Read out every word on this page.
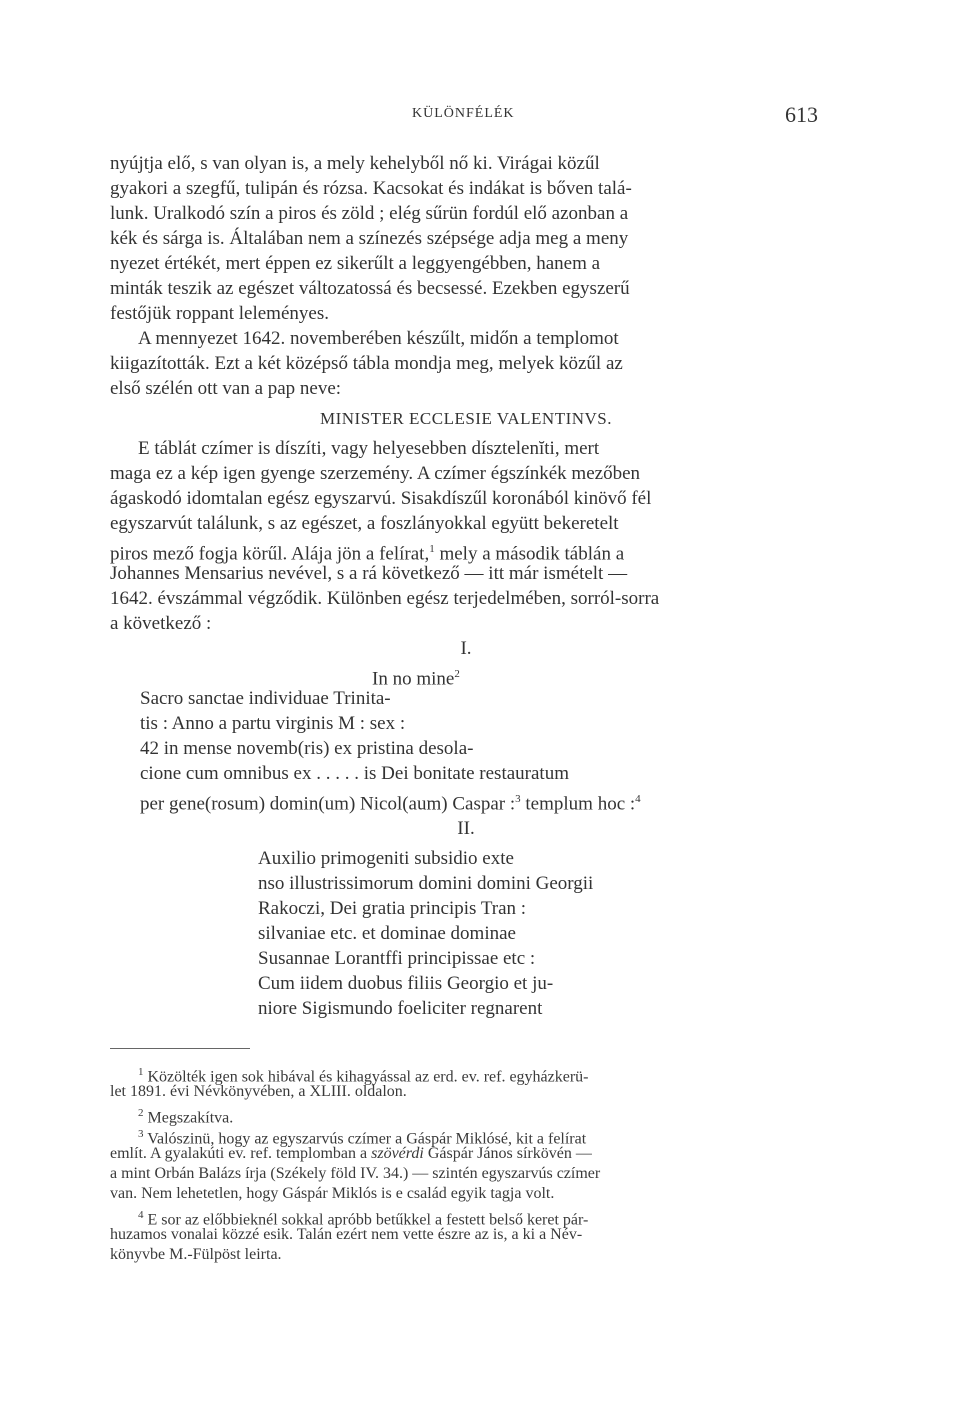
KÜLÖNFÉLÉK	613
nyújtja elő, s van olyan is, a mely kehelyből nő ki. Virágai közűl
gyakori a szegfű, tulipán és rózsa. Kacsokat és indákat is bőven talá-
lunk. Uralkodó szín a piros és zöld ; elég sűrün fordúl elő azonban a
kék és sárga is. Általában nem a színezés szépsége adja meg a meny
nyezet értékét, mert éppen ez sikerűlt a leggyengébben, hanem a
minták teszik az egészet változatossá és becsessé. Ezekben egyszerű
festőjük roppant leleményes.
A mennyezet 1642. novemberében készűlt, midőn a templomot
kiigazították. Ezt a két középső tábla mondja meg, melyek közűl az
első szélén ott van a pap neve:
MINISTER ECCLESIE VALENTINVS.
E táblát czímer is díszíti, vagy helyesebben dísztelenĭti, mert
maga ez a kép igen gyenge szerzemény. A czímer égszínkék mezőben
ágaskodó idomtalan egész egyszarvú. Sisakdíszűl koronából kinövő fél
egyszarvút találunk, s az egészet, a foszlányokkal együtt bekeretelt
piros mező fogja körűl. Alája jön a felírat,$^1$ mely a második táblán a
Johannes Mensarius nevével, s a rá következő — itt már ismételt —
1642. évszámmal végződik. Különben egész terjedelmében, sorról-sorra
a következő :
I.
In no mine$^2$
Sacro sanctae individuae Trinita-
tis : Anno a partu virginis M : sex :
42 in mense novemb(ris) ex pristina desola-
cione cum omnibus ex . . . . . is Dei bonitate restauratum
per gene(rosum) domin(um) Nicol(aum) Caspar :$^3$ templum hoc :$^4$
II.
Auxilio primogeniti subsidio exte
nso illustrissimorum domini domini Georgii
Rakoczi, Dei gratia principis Tran :
silvaniae etc. et dominae dominae
Susannae Lorantffi principissae etc :
Cum iidem duobus filiis Georgio et ju-
niore Sigismundo foeliciter regnarent
$^1$ Közölték igen sok hibával és kihagyással az erd. ev. ref. egyházkerü-
let 1891. évi Névkönyvében, a XLIII. oldalon.
$^2$ Megszakítva.
$^3$ Valószinü, hogy az egyszarvús czímer a Gáspár Miklósé, kit a felírat
említ. A gyalakúti ev. ref. templomban a szövérdi Gáspár János sírkövén —
a mint Orbán Balázs írja (Székely föld IV. 34.) — szintén egyszarvús czímer
van. Nem lehetetlen, hogy Gáspár Miklós is e család egyik tagja volt.
$^4$ E sor az előbbieknél sokkal apróbb betűkkel a festett belső keret pár-
huzamos vonalai közzé esik. Talán ezért nem vette észre az is, a ki a Név-
könyvbe M.-Fülpöst leirta.
